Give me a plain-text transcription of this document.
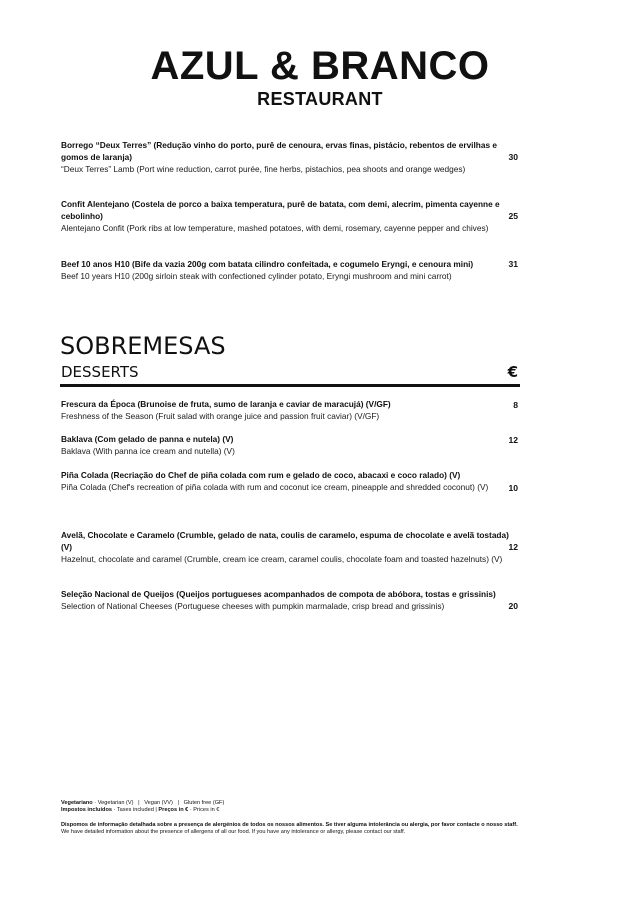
AZUL & BRANCO
RESTAURANT
Borrego “Deux Terres” (Redução vinho do porto, purê de cenoura, ervas finas, pistácio, rebentos de ervilhas e gomos de laranja)
“Deux Terres” Lamb (Port wine reduction, carrot purée, fine herbs, pistachios, pea shoots and orange wedges)
30
Confit Alentejano (Costela de porco a baixa temperatura, purê de batata, com demi, alecrim, pimenta cayenne e cebolinho)
Alentejano Confit (Pork ribs at low temperature, mashed potatoes, with demi, rosemary, cayenne pepper and chives)
25
Beef 10 anos H10 (Bife da vazia 200g com batata cilindro confeitada, e cogumelo Eryngi, e cenoura mini)
Beef 10 years H10 (200g sirloin steak with confectioned cylinder potato, Eryngi mushroom and mini carrot)
31
SOBREMESAS
DESSERTS	€
Frescura da Época (Brunoise de fruta, sumo de laranja e caviar de maracujá) (V/GF)
Freshness of the Season (Fruit salad with orange juice and passion fruit caviar) (V/GF)
8
Baklava (Com gelado de panna e nutela) (V)
Baklava (With panna ice cream and nutella) (V)
12
Piña Colada (Recriação do Chef de piña colada com rum e gelado de coco, abacaxi e coco ralado) (V)
Piña Colada (Chef's recreation of piña colada with rum and coconut ice cream, pineapple and shredded coconut) (V)	10
Avelã, Chocolate e Caramelo (Crumble, gelado de nata, coulis de caramelo, espuma de chocolate e avelã tostada) (V)
Hazelnut, chocolate and caramel (Crumble, cream ice cream, caramel coulis, chocolate foam and toasted hazelnuts) (V)
12
Seleção Nacional de Queijos (Queijos portugueses acompanhados de compota de abóbora, tostas e grissinis)
Selection of National Cheeses (Portuguese cheeses with pumpkin marmalade, crisp bread and grissinis)	20
Vegetariano · Vegetarian (V)   |   Vegan (VV)   |   Gluten free (GF)
Impostos incluídos · Taxes included | Preços in € · Prices in €
Dispomos de informação detalhada sobre a presença de alergénios de todos os nossos alimentos. Se tiver alguma intolerância ou alergia, por favor contacte o nosso staff. We have detailed information about the presence of allergens of all our food. If you have any intolerance or allergy, please contact our staff.
